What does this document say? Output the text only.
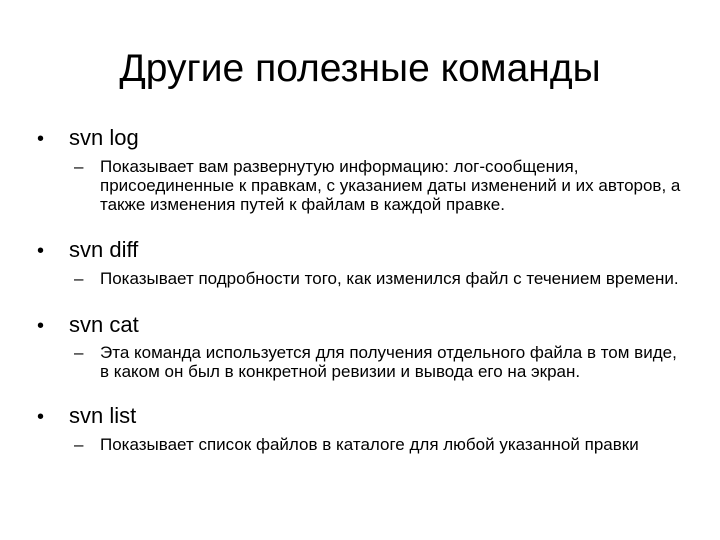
Другие полезные команды
•	svn log
– Показывает вам развернутую информацию: лог-сообщения, присоединенные к правкам, с указанием даты изменений и их авторов, а также изменения путей к файлам в каждой правке.
•	svn diff
– Показывает подробности того, как изменился файл с течением времени.
•	svn cat
– Эта команда используется для получения отдельного файла в том виде, в каком он был в конкретной ревизии и вывода его на экран.
•	svn list
– Показывает список файлов в каталоге для любой указанной правки
